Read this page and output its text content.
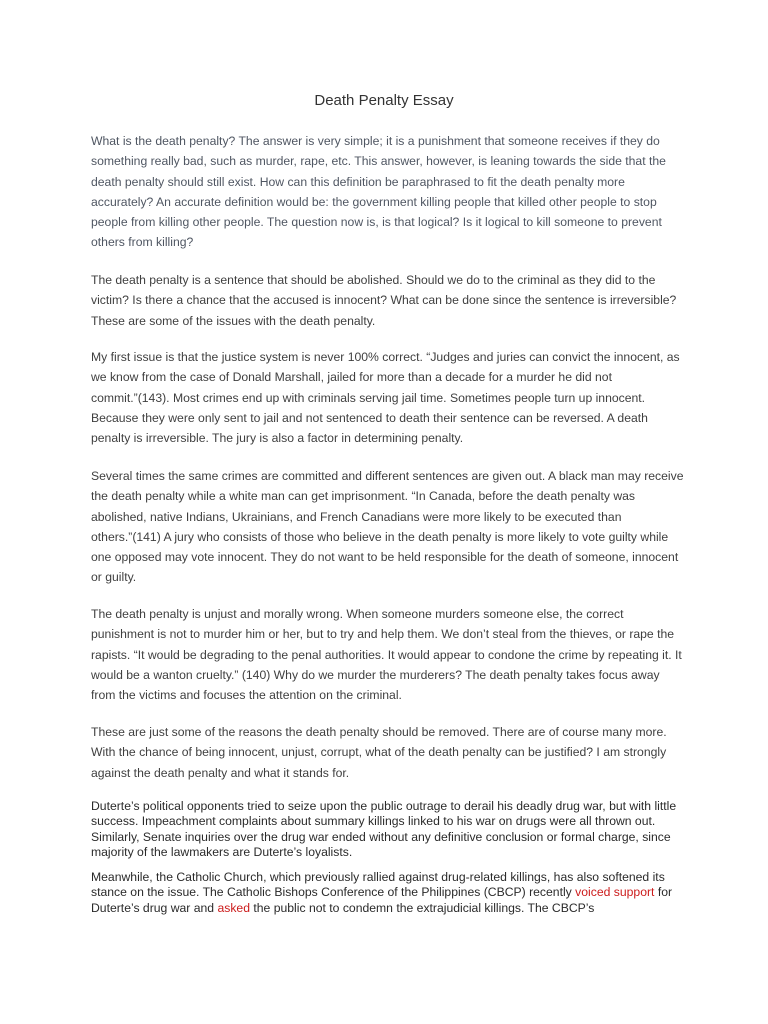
Death Penalty Essay

What is the death penalty? The answer is very simple; it is a punishment that someone receives if they do something really bad, such as murder, rape, etc. This answer, however, is leaning towards the side that the death penalty should still exist. How can this definition be paraphrased to fit the death penalty more accurately? An accurate definition would be: the government killing people that killed other people to stop people from killing other people. The question now is, is that logical? Is it logical to kill someone to prevent others from killing?

The death penalty is a sentence that should be abolished. Should we do to the criminal as they did to the victim? Is there a chance that the accused is innocent? What can be done since the sentence is irreversible? These are some of the issues with the death penalty.

My first issue is that the justice system is never 100% correct. “Judges and juries can convict the innocent, as we know from the case of Donald Marshall, jailed for more than a decade for a murder he did not commit.”(143). Most crimes end up with criminals serving jail time. Sometimes people turn up innocent. Because they were only sent to jail and not sentenced to death their sentence can be reversed. A death penalty is irreversible. The jury is also a factor in determining penalty.

Several times the same crimes are committed and different sentences are given out. A black man may receive the death penalty while a white man can get imprisonment. “In Canada, before the death penalty was abolished, native Indians, Ukrainians, and French Canadians were more likely to be executed than others.”(141) A jury who consists of those who believe in the death penalty is more likely to vote guilty while one opposed may vote innocent. They do not want to be held responsible for the death of someone, innocent or guilty.

The death penalty is unjust and morally wrong. When someone murders someone else, the correct punishment is not to murder him or her, but to try and help them. We don’t steal from the thieves, or rape the rapists. “It would be degrading to the penal authorities. It would appear to condone the crime by repeating it. It would be a wanton cruelty.” (140) Why do we murder the murderers? The death penalty takes focus away from the victims and focuses the attention on the criminal.

These are just some of the reasons the death penalty should be removed. There are of course many more. With the chance of being innocent, unjust, corrupt, what of the death penalty can be justified? I am strongly against the death penalty and what it stands for.

Duterte’s political opponents tried to seize upon the public outrage to derail his deadly drug war, but with little success. Impeachment complaints about summary killings linked to his war on drugs were all thrown out. Similarly, Senate inquiries over the drug war ended without any definitive conclusion or formal charge, since majority of the lawmakers are Duterte’s loyalists.

Meanwhile, the Catholic Church, which previously rallied against drug-related killings, has also softened its stance on the issue. The Catholic Bishops Conference of the Philippines (CBCP) recently voiced support for Duterte’s drug war and asked the public not to condemn the extrajudicial killings. The CBCP’s
